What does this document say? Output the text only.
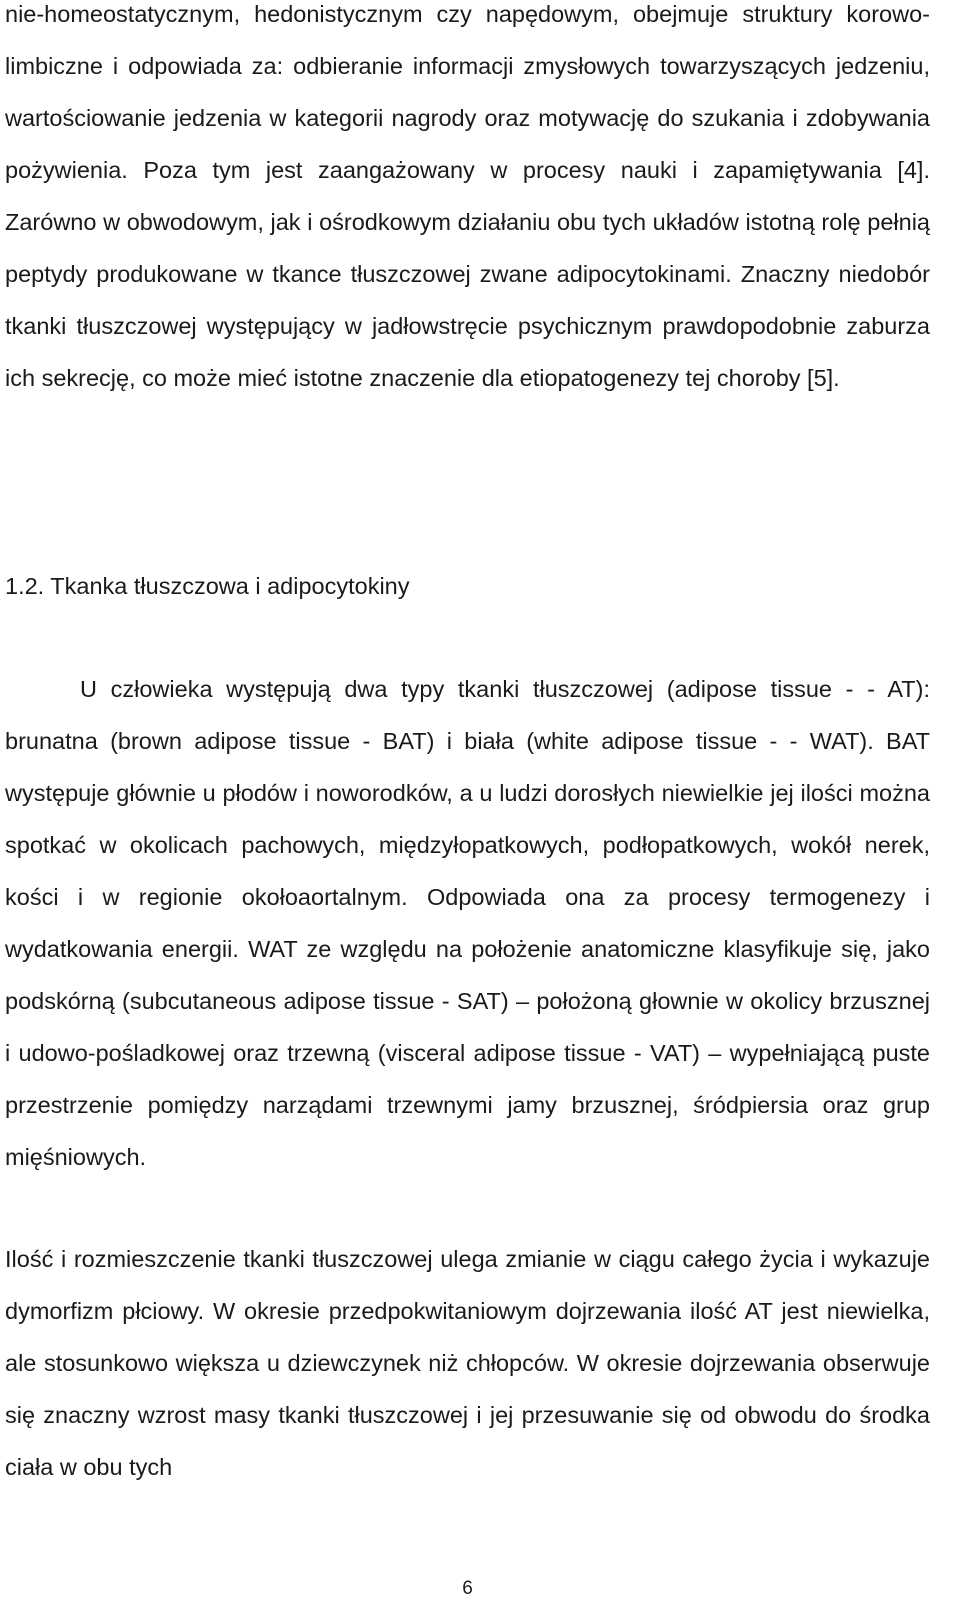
nie-homeostatycznym, hedonistycznym czy napędowym, obejmuje struktury korowo-limbiczne i odpowiada za: odbieranie informacji zmysłowych towarzyszących jedzeniu, wartościowanie jedzenia w kategorii nagrody oraz motywację do szukania i zdobywania pożywienia. Poza tym jest zaangażowany w procesy nauki i zapamiętywania [4]. Zarówno w obwodowym, jak i ośrodkowym działaniu obu tych układów istotną rolę pełnią peptydy produkowane w tkance tłuszczowej zwane adipocytokinami. Znaczny niedobór tkanki tłuszczowej występujący w jadłowstręcie psychicznym prawdopodobnie zaburza ich sekrecję, co może mieć istotne znaczenie dla etiopatogenezy tej choroby [5].

1.2. Tkanka tłuszczowa i adipocytokiny

U człowieka występują dwa typy tkanki tłuszczowej (adipose tissue - - AT): brunatna (brown adipose tissue - BAT) i biała (white adipose tissue - - WAT). BAT występuje głównie u płodów i noworodków, a u ludzi dorosłych niewielkie jej ilości można spotkać w okolicach pachowych, międzyłopatkowych, podłopatkowych, wokół nerek, kości i w regionie okołoaortalnym. Odpowiada ona za procesy termogenezy i wydatkowania energii. WAT ze względu na położenie anatomiczne klasyfikuje się, jako podskórną (subcutaneous adipose tissue - SAT) – położoną głownie w okolicy brzusznej i udowo-pośladkowej oraz trzewną (visceral adipose tissue - VAT) – wypełniającą puste przestrzenie pomiędzy narządami trzewnymi jamy brzusznej, śródpiersia oraz grup mięśniowych.

Ilość i rozmieszczenie tkanki tłuszczowej ulega zmianie w ciągu całego życia i wykazuje dymorfizm płciowy. W okresie przedpokwitaniowym dojrzewania ilość AT jest niewielka, ale stosunkowo większa u dziewczynek niż chłopców. W okresie dojrzewania obserwuje się znaczny wzrost masy tkanki tłuszczowej i jej przesuwanie się od obwodu do środka ciała w obu tych

6
